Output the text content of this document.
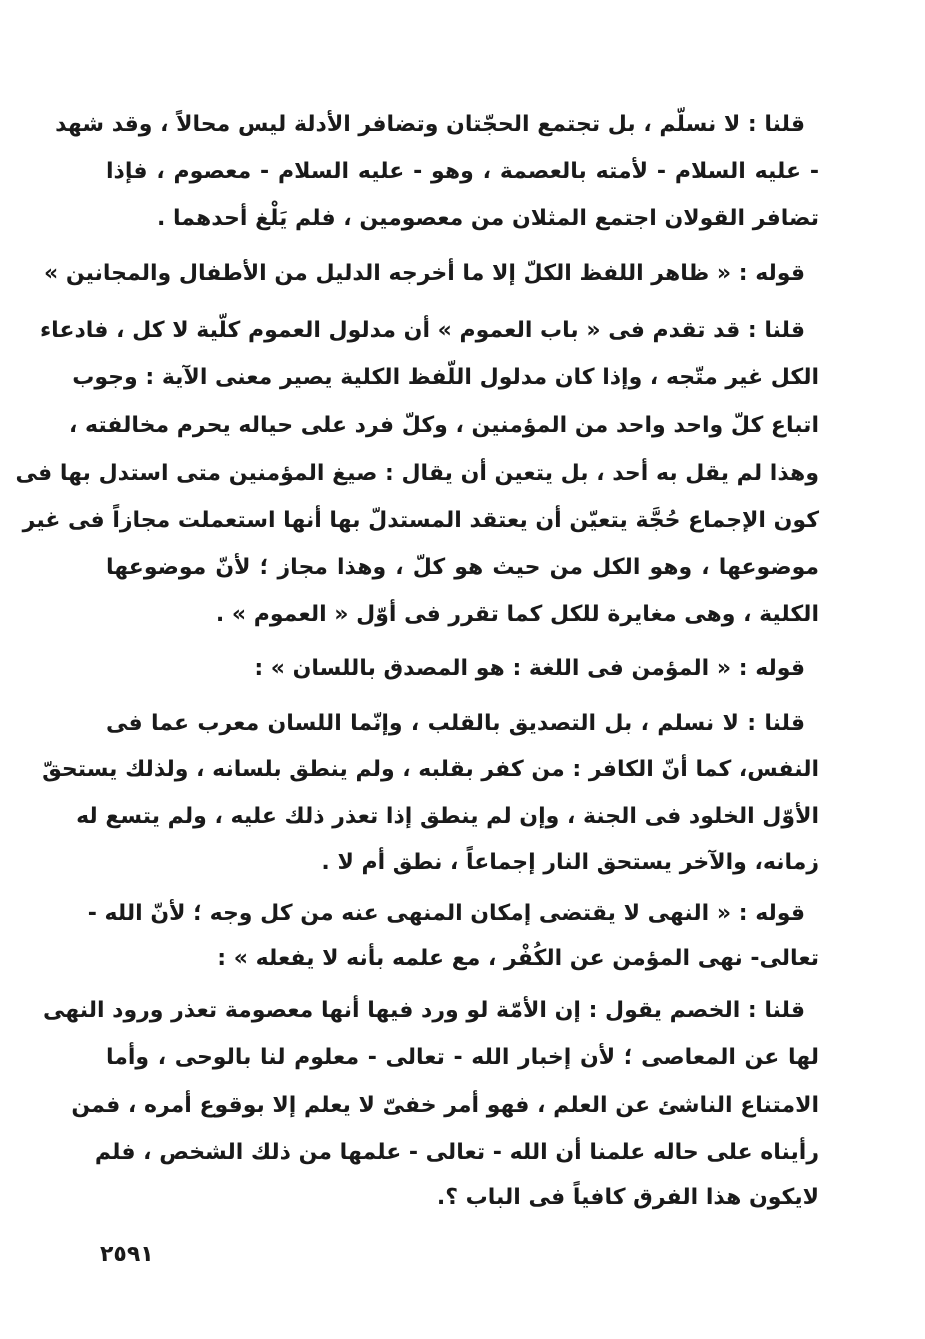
قلنا : لا نسلّم ، بل تجتمع الحجّتان وتضافر الأدلة ليس محالاً ، وقد شهد
- عليه السلام - لأمته بالعصمة ، وهو - عليه السلام - معصوم ، فإذا
تضافر القولان اجتمع المثلان من معصومين ، فلم يَلْغ أحدهما .
قوله : « ظاهر اللفظ الكلّ إلا ما أخرجه الدليل من الأطفال والمجانين »
قلنا : قد تقدم فى « باب العموم » أن مدلول العموم كلّية لا كل ، فادعاء
الكل غير متّجه ، وإذا كان مدلول اللّفظ الكلية يصير معنى الآية : وجوب
اتباع كلّ واحد واحد من المؤمنين ، وكلّ فرد على حياله يحرم مخالفته ،
وهذا لم يقل به أحد ، بل يتعين أن يقال : صيغ المؤمنين متى استدل بها فى
كون الإجماع حُجَّة يتعيّن أن يعتقد المستدلّ بها أنها استعملت مجازاً فى غير
موضوعها ، وهو الكل من حيث هو كلّ ، وهذا مجاز ؛ لأنّ موضوعها
الكلية ، وهى مغايرة للكل كما تقرر فى أوّل « العموم » .
قوله : « المؤمن فى اللغة : هو المصدق باللسان » :
قلنا : لا نسلم ، بل التصديق بالقلب ، وإنّما اللسان معرب عما فى
النفس، كما أنّ الكافر : من كفر بقلبه ، ولم ينطق بلسانه ، ولذلك يستحقّ
الأوّل الخلود فى الجنة ، وإن لم ينطق إذا تعذر ذلك عليه ، ولم يتسع له
زمانه، والآخر يستحق النار إجماعاً ، نطق أم لا .
قوله : « النهى لا يقتضى إمكان المنهى عنه من كل وجه ؛ لأنّ الله -
تعالى- نهى المؤمن عن الكُفْر ، مع علمه بأنه لا يفعله » :
قلنا : الخصم يقول : إن الأمّة لو ورد فيها أنها معصومة تعذر ورود النهى
لها عن المعاصى ؛ لأن إخبار الله - تعالى - معلوم لنا بالوحى ، وأما
الامتناع الناشئ عن العلم ، فهو أمر خفىّ لا يعلم إلا بوقوع أمره ، فمن
رأيناه على حاله علمنا أن الله - تعالى - علمها من ذلك الشخص ، فلم
لايكون هذا الفرق كافياً فى الباب ؟.
٢٥٩١
